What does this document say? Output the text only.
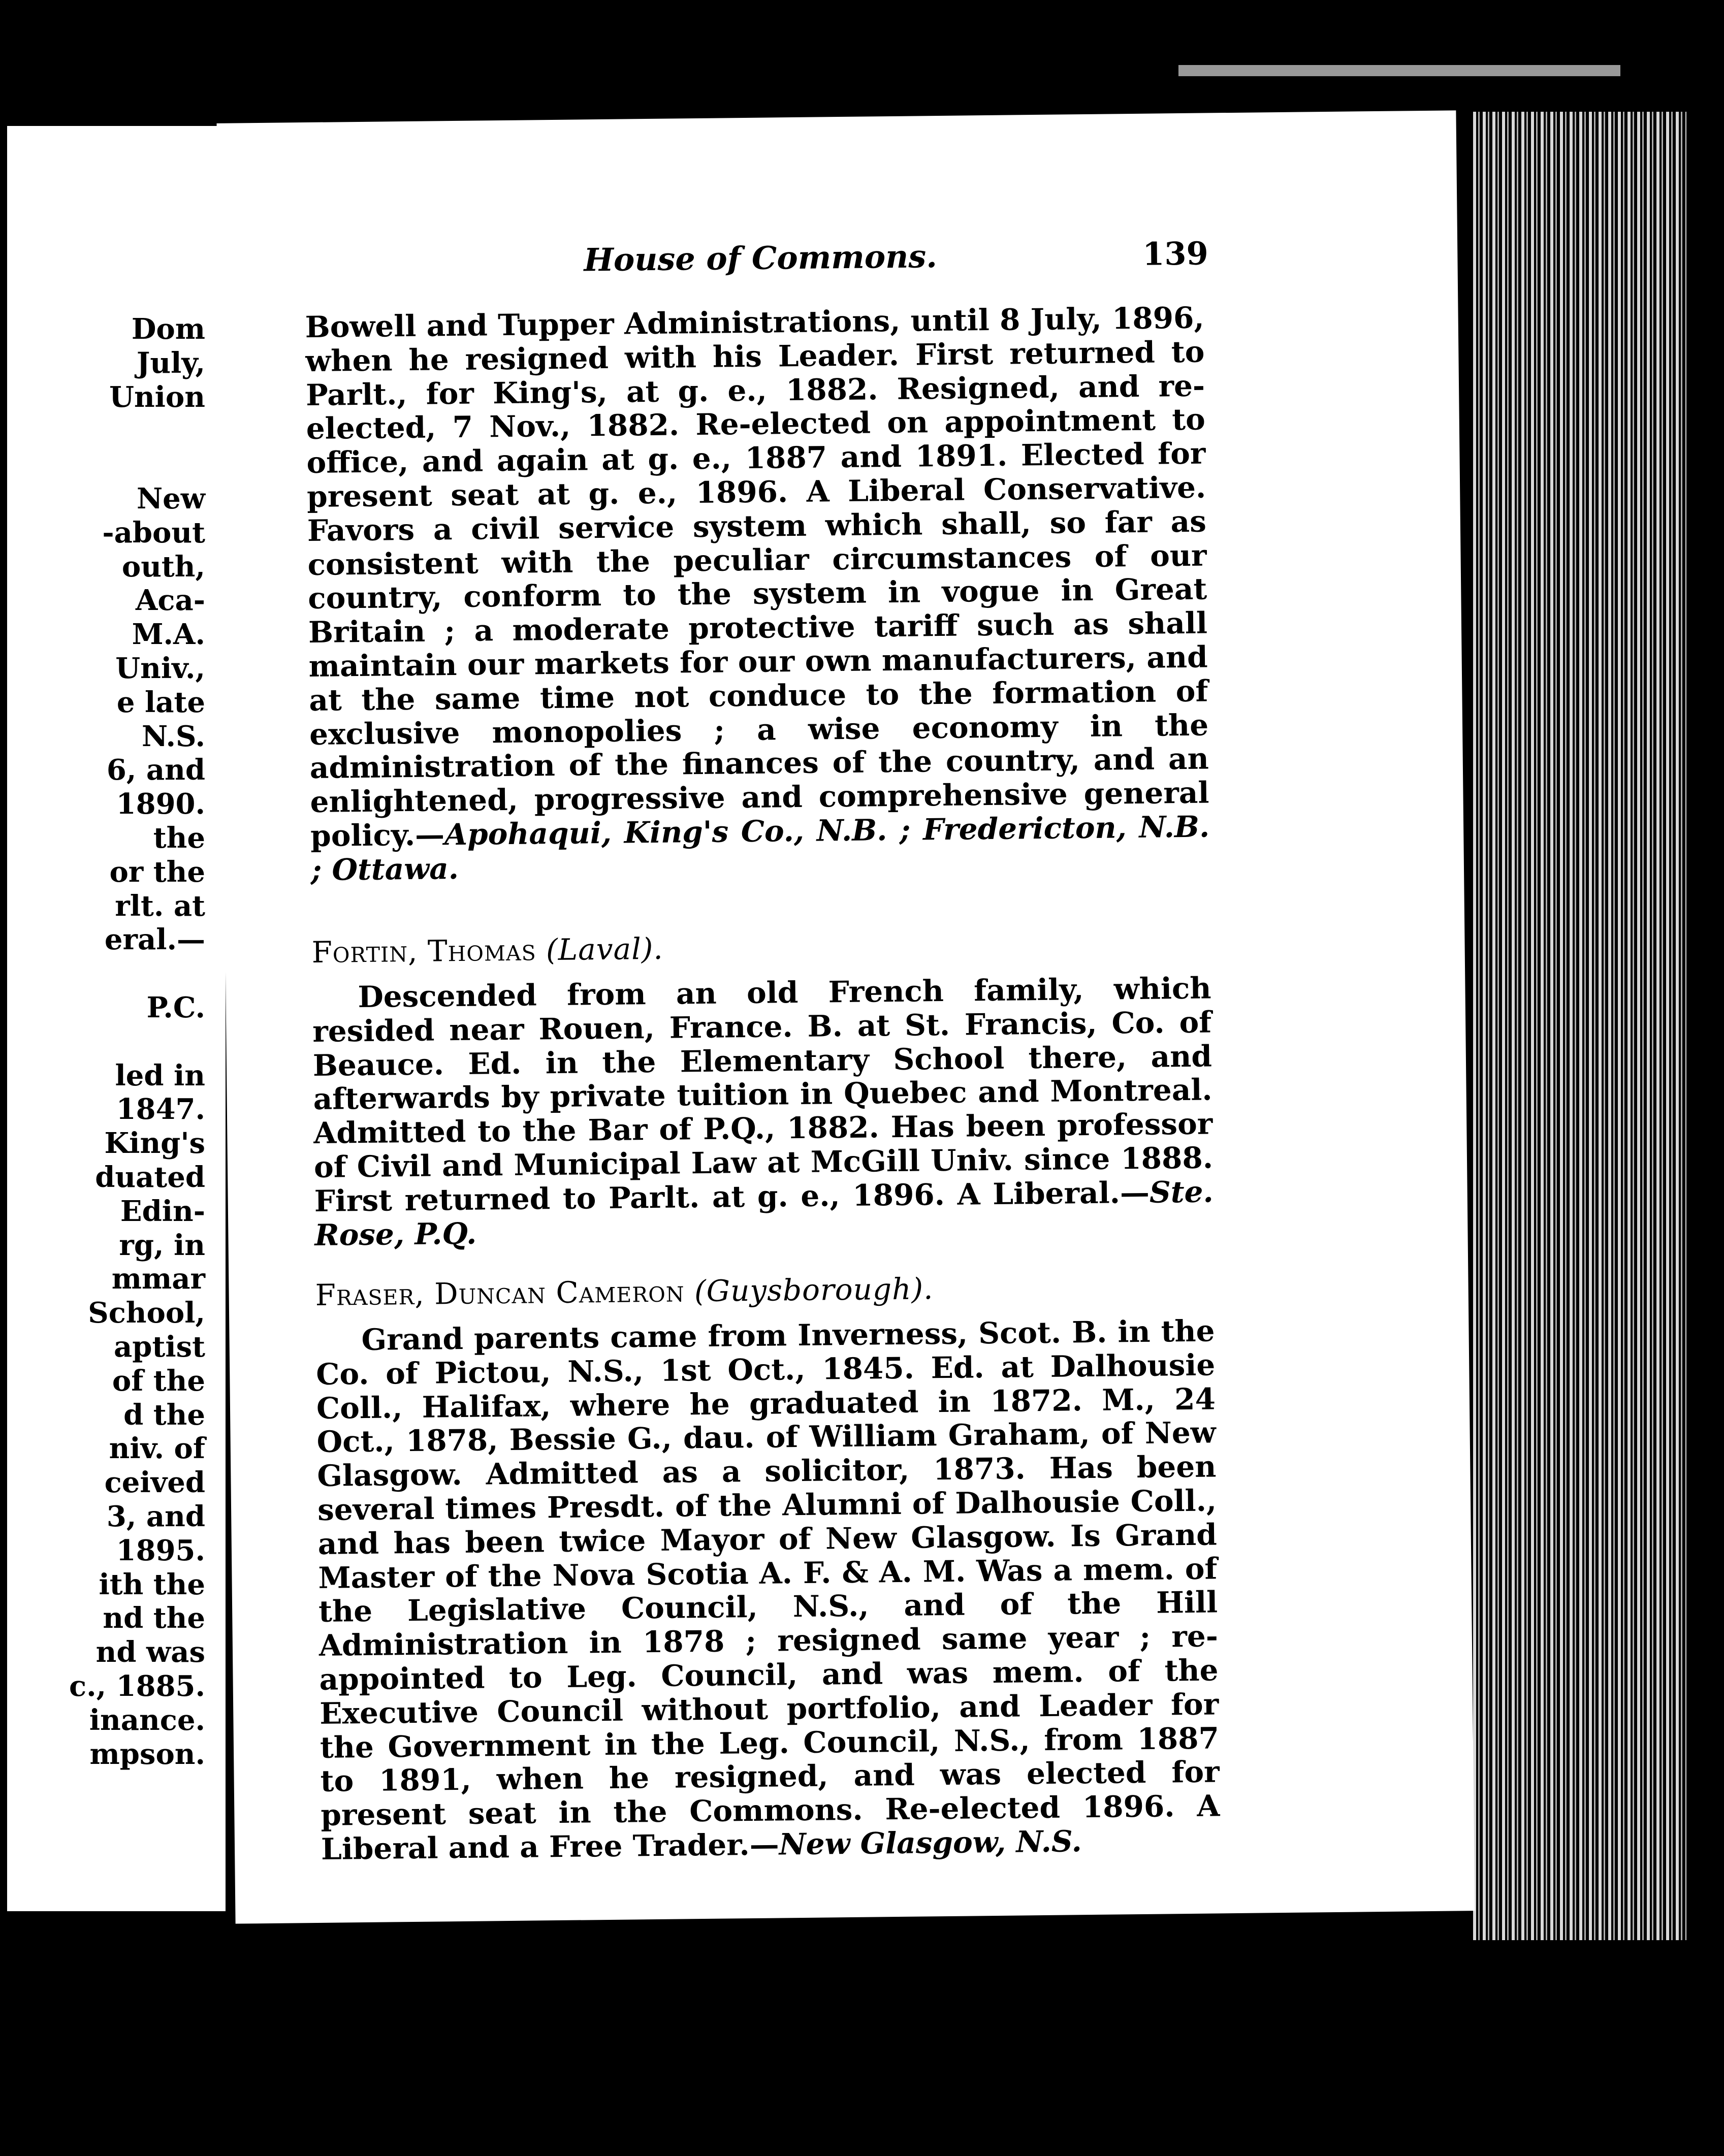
Dom
July,
Union
New
-about
outh,
Aca-
M.A.
Univ.,
e late
N.S.
6, and
1890.
the
or the
rlt. at
eral.—
P.C.
led in
1847.
King's
duated
Edin-
rg, in
mmar
School,
aptist
of the
d the
niv. of
ceived
3, and
1895.
ith the
nd the
nd was
c., 1885.
inance.
mpson.
House of Commons.	139

Bowell and Tupper Administrations, until 8 July, 1896, when he resigned with his Leader. First returned to Parlt., for King's, at g. e., 1882. Resigned, and re-elected, 7 Nov., 1882. Re-elected on appointment to office, and again at g. e., 1887 and 1891. Elected for present seat at g. e., 1896. A Liberal Conservative. Favors a civil service system which shall, so far as consistent with the peculiar circumstances of our country, conform to the system in vogue in Great Britain ; a moderate protective tariff such as shall maintain our markets for our own manufacturers, and at the same time not conduce to the formation of exclusive monopolies ; a wise economy in the administration of the finances of the country, and an enlightened, progressive and comprehensive general policy.—Apohaqui, King's Co., N.B. ; Fredericton, N.B. ; Ottawa.

Fortin, Thomas (Laval).

Descended from an old French family, which resided near Rouen, France. B. at St. Francis, Co. of Beauce. Ed. in the Elementary School there, and afterwards by private tuition in Quebec and Montreal. Admitted to the Bar of P.Q., 1882. Has been professor of Civil and Municipal Law at McGill Univ. since 1888. First returned to Parlt. at g. e., 1896. A Liberal.—Ste. Rose, P.Q.

Fraser, Duncan Cameron (Guysborough).

Grand parents came from Inverness, Scot. B. in the Co. of Pictou, N.S., 1st Oct., 1845. Ed. at Dalhousie Coll., Halifax, where he graduated in 1872. M., 24 Oct., 1878, Bessie G., dau. of William Graham, of New Glasgow. Admitted as a solicitor, 1873. Has been several times Presdt. of the Alumni of Dalhousie Coll., and has been twice Mayor of New Glasgow. Is Grand Master of the Nova Scotia A. F. & A. M. Was a mem. of the Legislative Council, N.S., and of the Hill Administration in 1878 ; resigned same year ; re-appointed to Leg. Council, and was mem. of the Executive Council without portfolio, and Leader for the Government in the Leg. Council, N.S., from 1887 to 1891, when he resigned, and was elected for present seat in the Commons. Re-elected 1896. A Liberal and a Free Trader.—New Glasgow, N.S.
